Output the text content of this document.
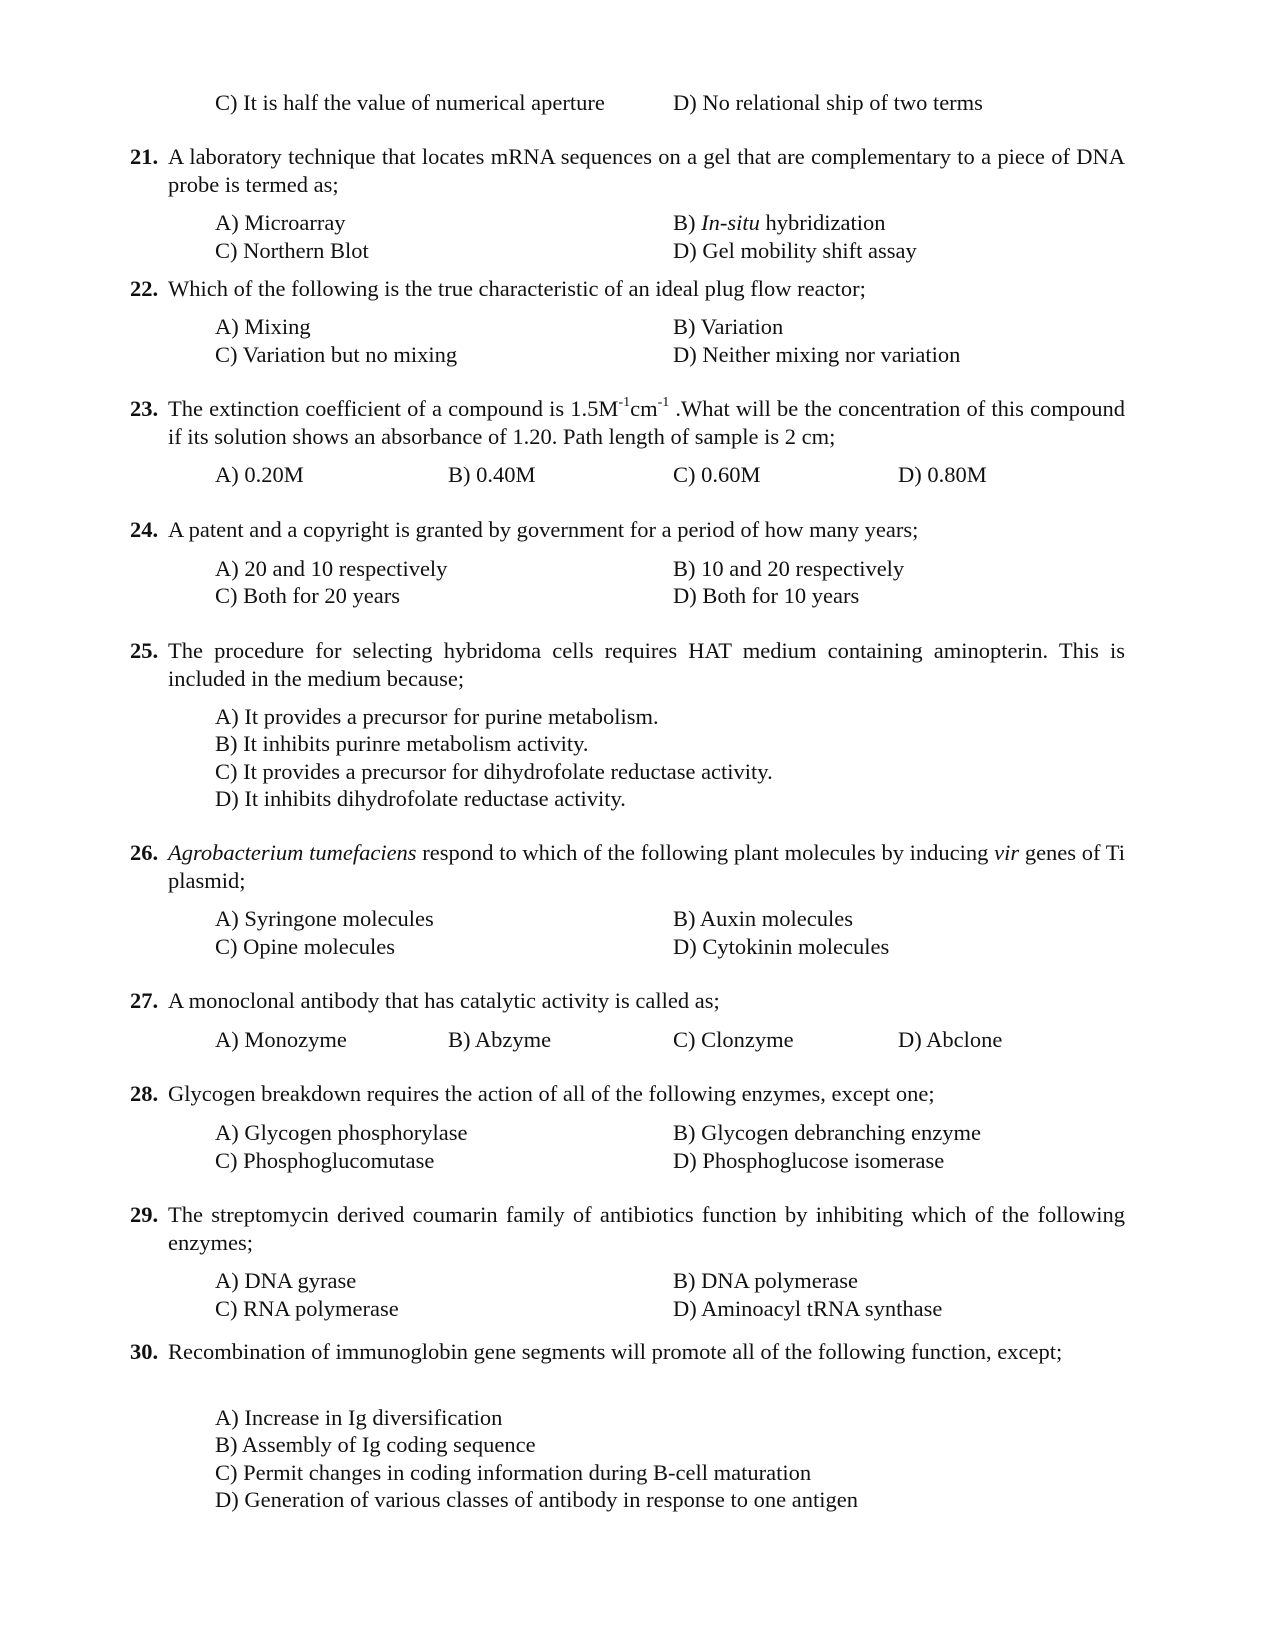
C) It is half the value of numerical aperture	D) No relational ship of two terms
21. A laboratory technique that locates mRNA sequences on a gel that are complementary to a piece of DNA probe is termed as;
A) Microarray	B) In-situ hybridization
C) Northern Blot	D) Gel mobility shift assay
22. Which of the following is the true characteristic of an ideal plug flow reactor;
A) Mixing	B) Variation
C) Variation but no mixing	D) Neither mixing nor variation
23. The extinction coefficient of a compound is $1.5M^{-1}cm^{-1}$ .What will be the concentration of this compound if its solution shows an absorbance of 1.20. Path length of sample is 2 cm;
A) 0.20M	B) 0.40M	C) 0.60M	D) 0.80M
24. A patent and a copyright is granted by government for a period of how many years;
A) 20 and 10 respectively	B) 10 and 20 respectively
C) Both for 20 years	D) Both for 10 years
25. The procedure for selecting hybridoma cells requires HAT medium containing aminopterin. This is included in the medium because;
A) It provides a precursor for purine metabolism.
B) It inhibits purinre metabolism activity.
C) It provides a precursor for dihydrofolate reductase activity.
D) It inhibits dihydrofolate reductase activity.
26. Agrobacterium tumefaciens respond to which of the following plant molecules by inducing vir genes of Ti plasmid;
A) Syringone molecules	B) Auxin molecules
C) Opine molecules	D) Cytokinin molecules
27. A monoclonal antibody that has catalytic activity is called as;
A) Monozyme	B) Abzyme	C) Clonzyme	D) Abclone
28. Glycogen breakdown requires the action of all of the following enzymes, except one;
A) Glycogen phosphorylase	B) Glycogen debranching enzyme
C) Phosphoglucomutase	D) Phosphoglucose isomerase
29. The streptomycin derived coumarin family of antibiotics function by inhibiting which of the following enzymes;
A) DNA gyrase	B) DNA polymerase
C) RNA polymerase	D) Aminoacyl tRNA synthase
30. Recombination of immunoglobin gene segments will promote all of the following function, except;
A) Increase in Ig diversification
B) Assembly of Ig coding sequence
C) Permit changes in coding information during B-cell maturation
D) Generation of various classes of antibody in response to one antigen
